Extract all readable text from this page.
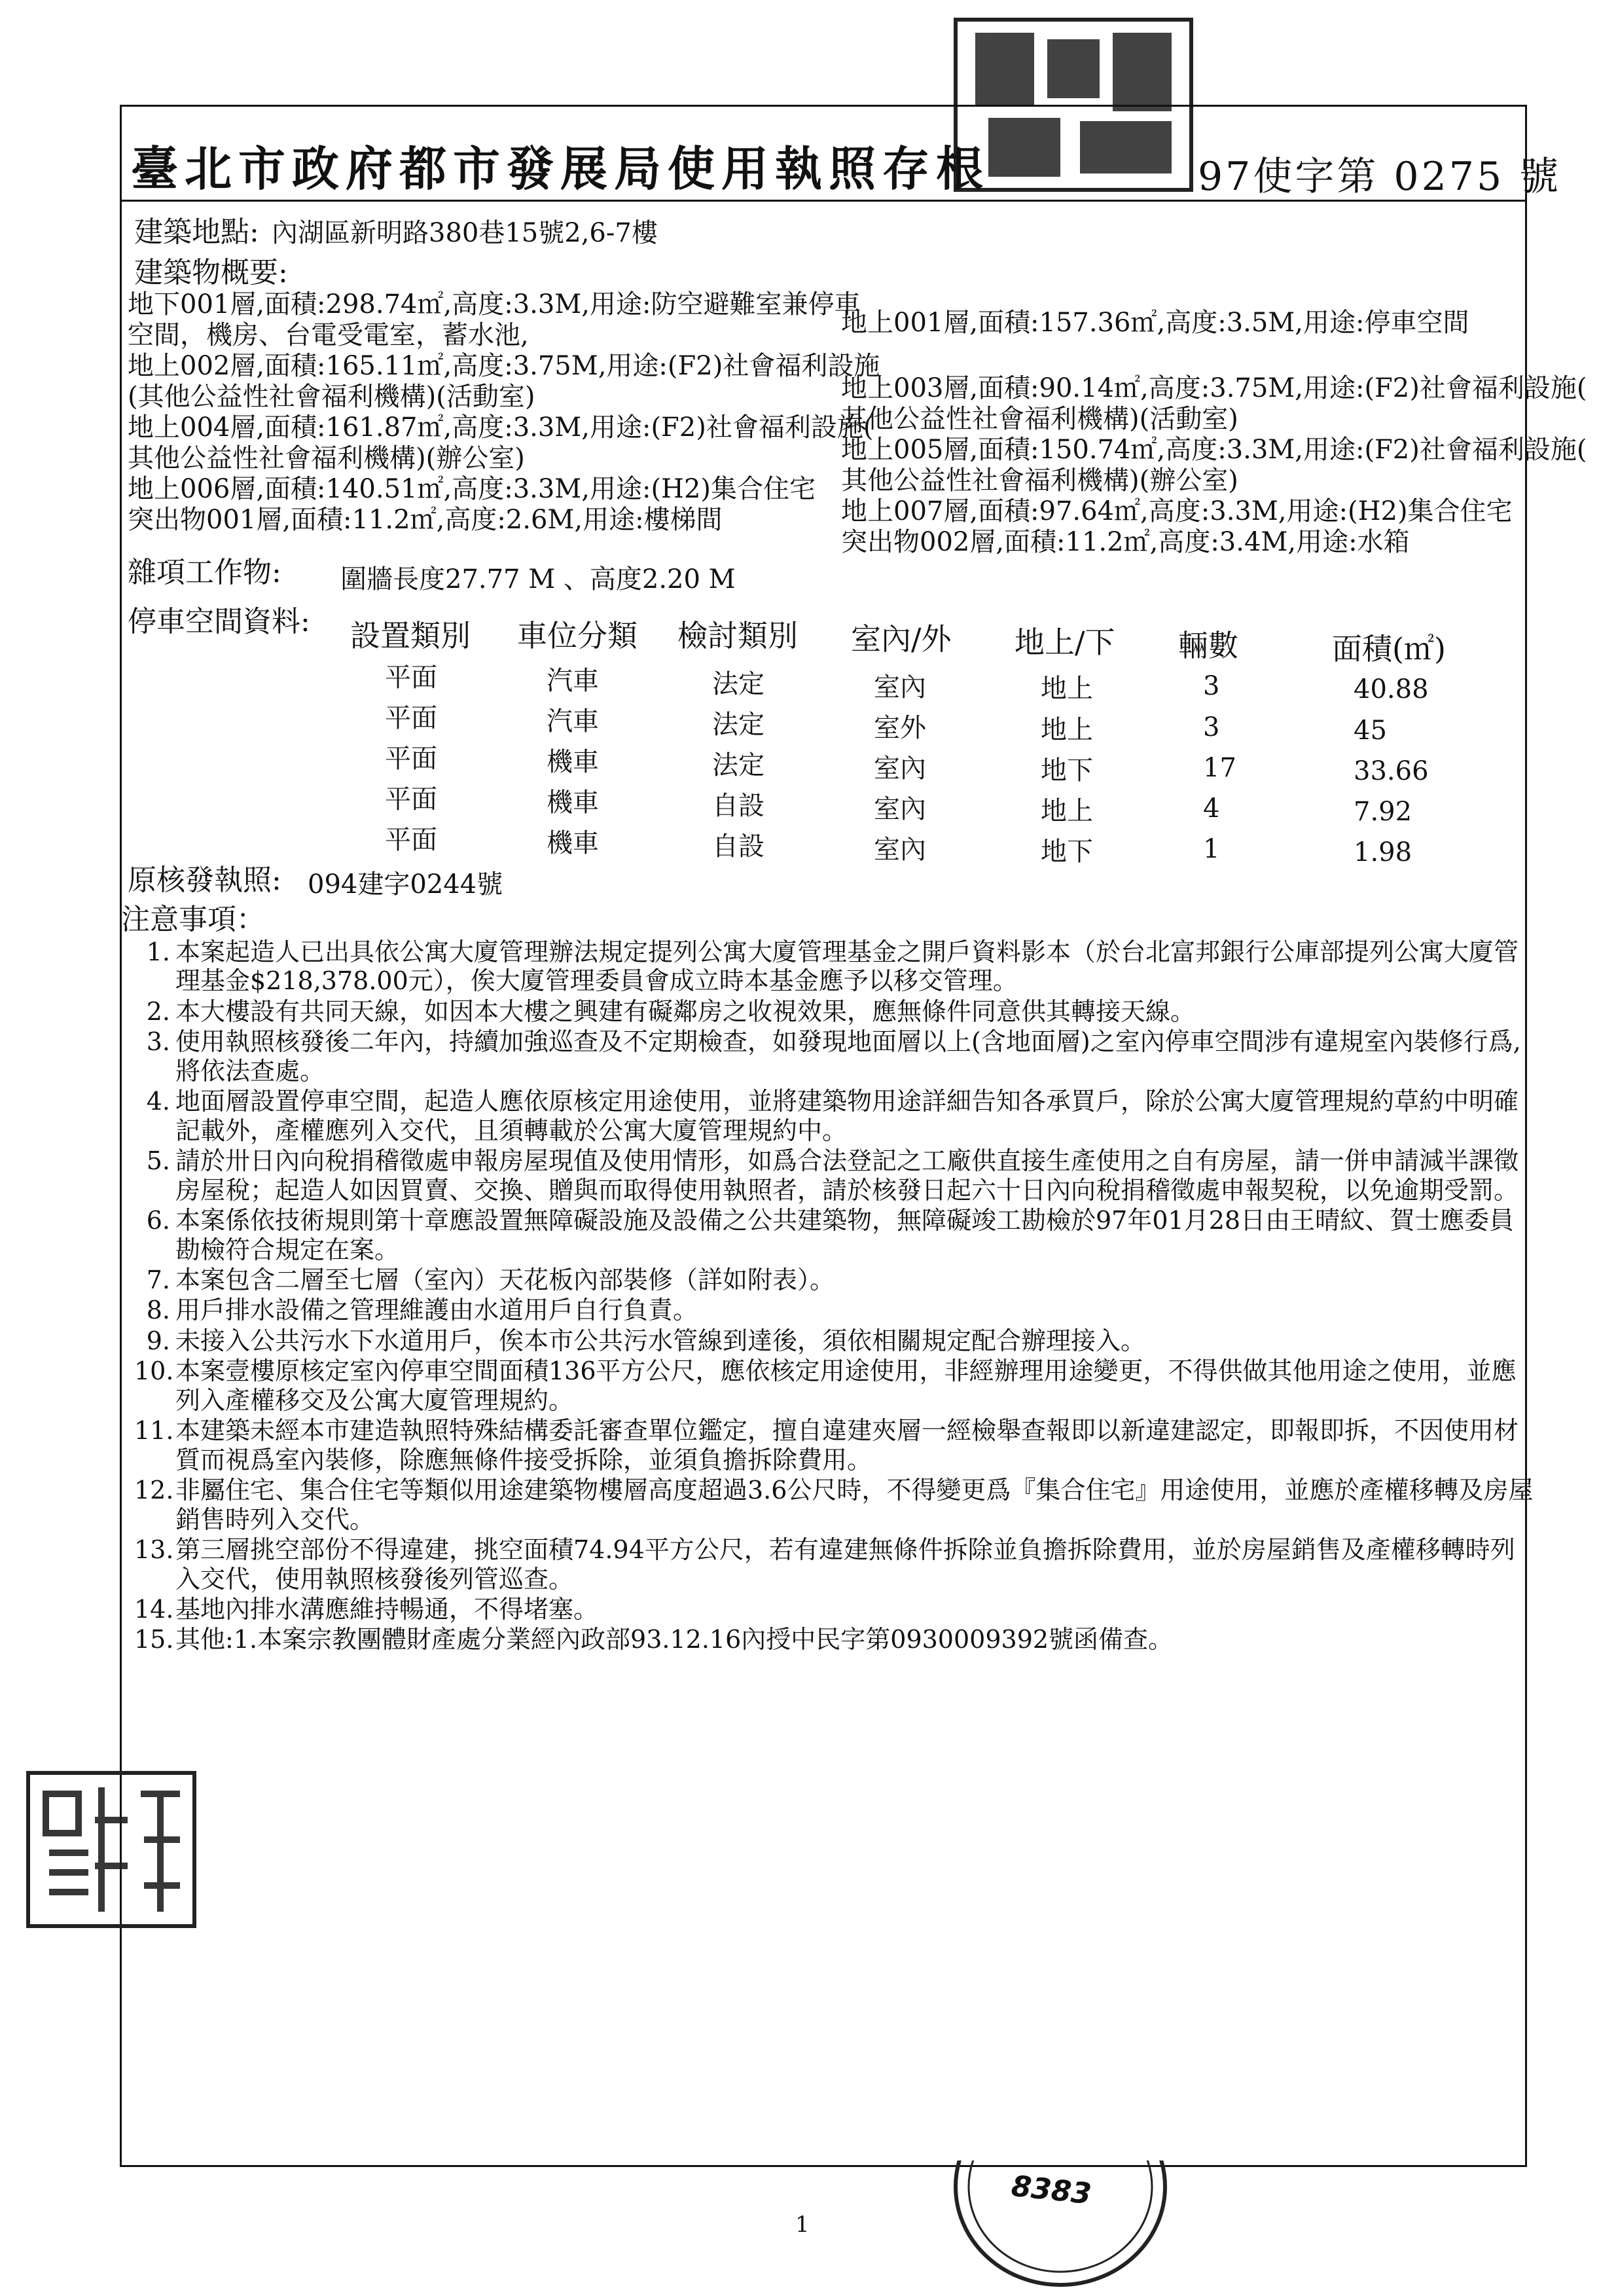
臺北市政府都市發展局使用執照存根	97使字第 0275 號
建築地點: 內湖區新明路380巷15號2,6-7樓
建築物概要:
地下001層,面積:298.74㎡,高度:3.3M,用途:防空避難室兼停車
空間，機房、台電受電室，蓄水池,
地上002層,面積:165.11㎡,高度:3.75M,用途:(F2)社會福利設施
(其他公益性社會福利機構)(活動室)
地上004層,面積:161.87㎡,高度:3.3M,用途:(F2)社會福利設施(
其他公益性社會福利機構)(辦公室)
地上006層,面積:140.51㎡,高度:3.3M,用途:(H2)集合住宅
突出物001層,面積:11.2㎡,高度:2.6M,用途:樓梯間
地上001層,面積:157.36㎡,高度:3.5M,用途:停車空間
地上003層,面積:90.14㎡,高度:3.75M,用途:(F2)社會福利設施(
其他公益性社會福利機構)(活動室)
地上005層,面積:150.74㎡,高度:3.3M,用途:(F2)社會福利設施(
其他公益性社會福利機構)(辦公室)
地上007層,面積:97.64㎡,高度:3.3M,用途:(H2)集合住宅
突出物002層,面積:11.2㎡,高度:3.4M,用途:水箱
雜項工作物: 圍牆長度27.77 M 、高度2.20 M
停車空間資料: 設置類別 車位分類 檢討類別 室內/外 地上/下 輛數	面積(㎡)
平面	汽車	法定	室內	地上	3	40.88
平面	汽車	法定	室外	地上	3	45
平面	機車	法定	室內	地下	17	33.66
平面	機車	自設	室內	地上	4	7.92
平面	機車	自設	室內	地下	1	1.98
原核發執照: 094建字0244號
注意事項：
1. 本案起造人已出具依公寓大廈管理辦法規定提列公寓大廈管理基金之開戶資料影本（於台北富邦銀行公庫部提列公寓大廈管理基金$218,378.00元），俟大廈管理委員會成立時本基金應予以移交管理。
2. 本大樓設有共同天線，如因本大樓之興建有礙鄰房之收視效果，應無條件同意供其轉接天線。
3. 使用執照核發後二年內，持續加強巡查及不定期檢查，如發現地面層以上(含地面層)之室內停車空間涉有違規室內裝修行爲,將依法查處。
4. 地面層設置停車空間，起造人應依原核定用途使用，並將建築物用途詳細告知各承買戶，除於公寓大廈管理規約草約中明確記載外，產權應列入交代，且須轉載於公寓大廈管理規約中。
5. 請於卅日內向稅捐稽徵處申報房屋現值及使用情形，如爲合法登記之工廠供直接生產使用之自有房屋，請一併申請減半課徵房屋稅；起造人如因買賣、交換、贈與而取得使用執照者，請於核發日起六十日內向稅捐稽徵處申報契稅，以免逾期受罰。
6. 本案係依技術規則第十章應設置無障礙設施及設備之公共建築物，無障礙竣工勘檢於97年01月28日由王晴紋、賀士應委員勘檢符合規定在案。
7. 本案包含二層至七層（室內）天花板內部裝修（詳如附表）。
8. 用戶排水設備之管理維護由水道用戶自行負責。
9. 未接入公共污水下水道用戶，俟本市公共污水管線到達後，須依相關規定配合辦理接入。
10. 本案壹樓原核定室內停車空間面積136平方公尺，應依核定用途使用，非經辦理用途變更，不得供做其他用途之使用，並應列入產權移交及公寓大廈管理規約。
11. 本建築未經本市建造執照特殊結構委託審查單位鑑定，擅自違建夾層一經檢舉查報即以新違建認定，即報即拆，不因使用材質而視爲室內裝修，除應無條件接受拆除，並須負擔拆除費用。
12. 非屬住宅、集合住宅等類似用途建築物樓層高度超過3.6公尺時，不得變更爲『集合住宅』用途使用，並應於產權移轉及房屋銷售時列入交代。
13. 第三層挑空部份不得違建，挑空面積74.94平方公尺，若有違建無條件拆除並負擔拆除費用，並於房屋銷售及產權移轉時列入交代，使用執照核發後列管巡查。
14. 基地內排水溝應維持暢通，不得堵塞。
15. 其他:1.本案宗教團體財產處分業經內政部93.12.16內授中民字第0930009392號函備查。
8383
1
